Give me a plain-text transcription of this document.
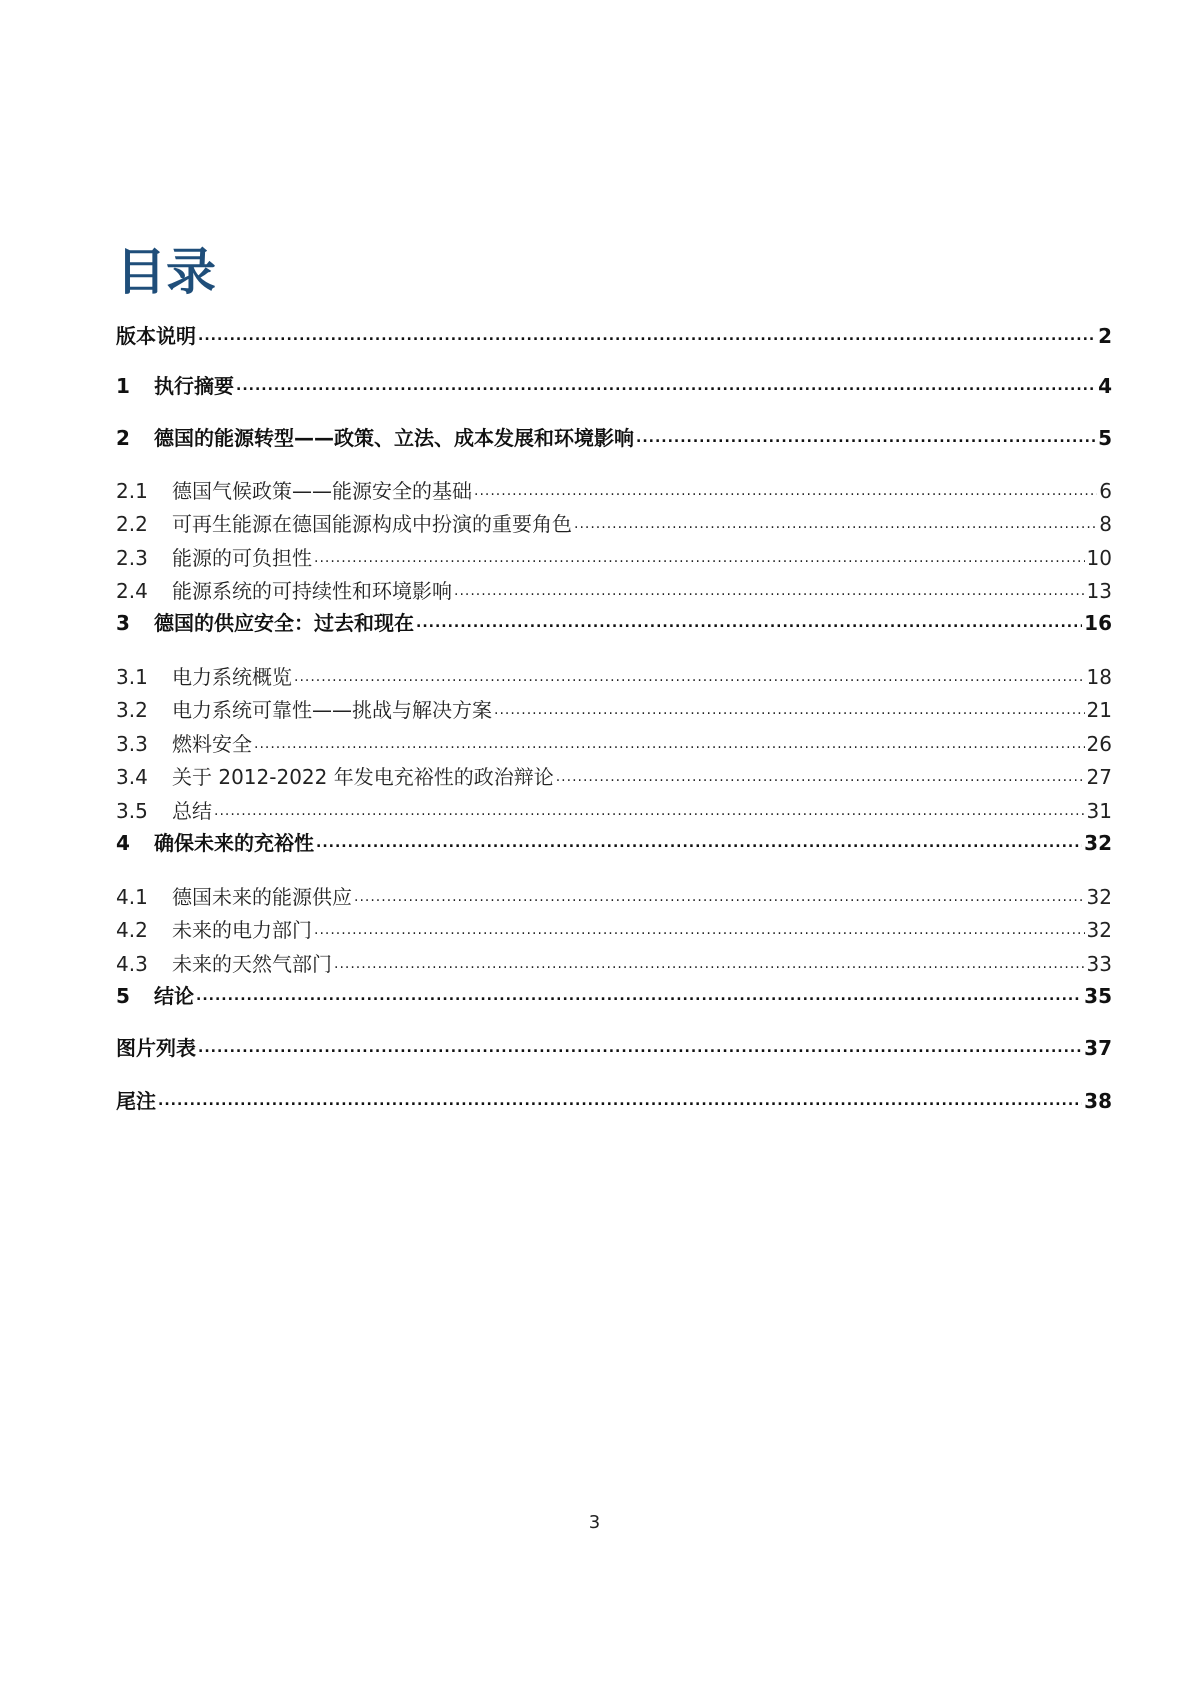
目录
版本说明 .....	2
1	执行摘要 .....	4
2	德国的能源转型——政策、立法、成本发展和环境影响 .....	5
2.1	德国气候政策——能源安全的基础 .....	6
2.2	可再生能源在德国能源构成中扮演的重要角色 .....	8
2.3	能源的可负担性 .....	10
2.4	能源系统的可持续性和环境影响 .....	13
3	德国的供应安全：过去和现在 .....	16
3.1	电力系统概览 .....	18
3.2	电力系统可靠性——挑战与解决方案 .....	21
3.3	燃料安全 .....	26
3.4	关于 2012-2022 年发电充裕性的政治辩论 .....	27
3.5	总结 .....	31
4	确保未来的充裕性 .....	32
4.1	德国未来的能源供应 .....	32
4.2	未来的电力部门 .....	32
4.3	未来的天然气部门 .....	33
5	结论 .....	35
图片列表 .....	37
尾注 .....	38
3
